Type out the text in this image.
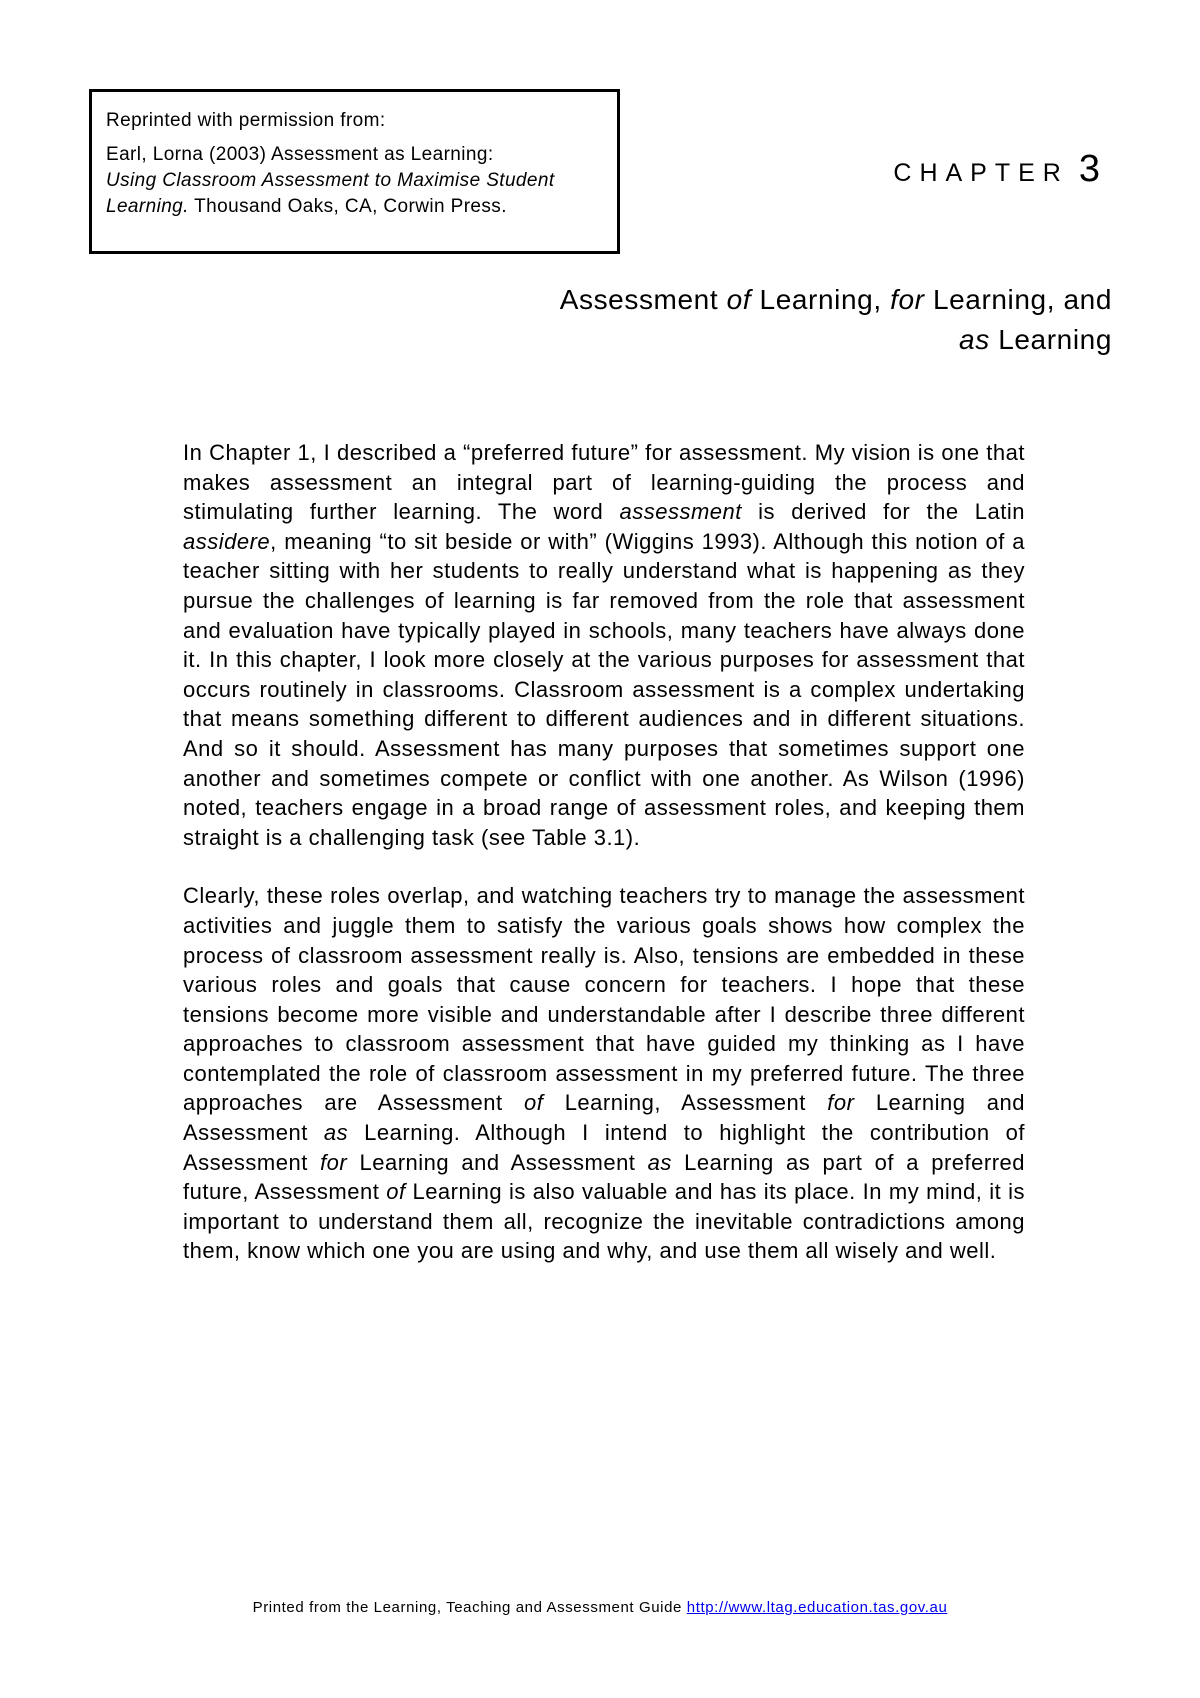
Reprinted with permission from:

Earl, Lorna (2003) Assessment as Learning:
Using Classroom Assessment to Maximise Student Learning. Thousand Oaks, CA, Corwin Press.

CHAPTER 3
Assessment of Learning, for Learning, and
as Learning

In Chapter 1, I described a “preferred future” for assessment. My vision is one that makes assessment an integral part of learning-guiding the process and stimulating further learning. The word assessment is derived for the Latin assidere, meaning “to sit beside or with” (Wiggins 1993). Although this notion of a teacher sitting with her students to really understand what is happening as they pursue the challenges of learning is far removed from the role that assessment and evaluation have typically played in schools, many teachers have always done it. In this chapter, I look more closely at the various purposes for assessment that occurs routinely in classrooms. Classroom assessment is a complex undertaking that means something different to different audiences and in different situations. And so it should. Assessment has many purposes that sometimes support one another and sometimes compete or conflict with one another. As Wilson (1996) noted, teachers engage in a broad range of assessment roles, and keeping them straight is a challenging task (see Table 3.1).

Clearly, these roles overlap, and watching teachers try to manage the assessment activities and juggle them to satisfy the various goals shows how complex the process of classroom assessment really is. Also, tensions are embedded in these various roles and goals that cause concern for teachers. I hope that these tensions become more visible and understandable after I describe three different approaches to classroom assessment that have guided my thinking as I have contemplated the role of classroom assessment in my preferred future. The three approaches are Assessment of Learning, Assessment for Learning and Assessment as Learning. Although I intend to highlight the contribution of Assessment for Learning and Assessment as Learning as part of a preferred future, Assessment of Learning is also valuable and has its place. In my mind, it is important to understand them all, recognize the inevitable contradictions among them, know which one you are using and why, and use them all wisely and well.

Printed from the Learning, Teaching and Assessment Guide http://www.ltag.education.tas.gov.au
